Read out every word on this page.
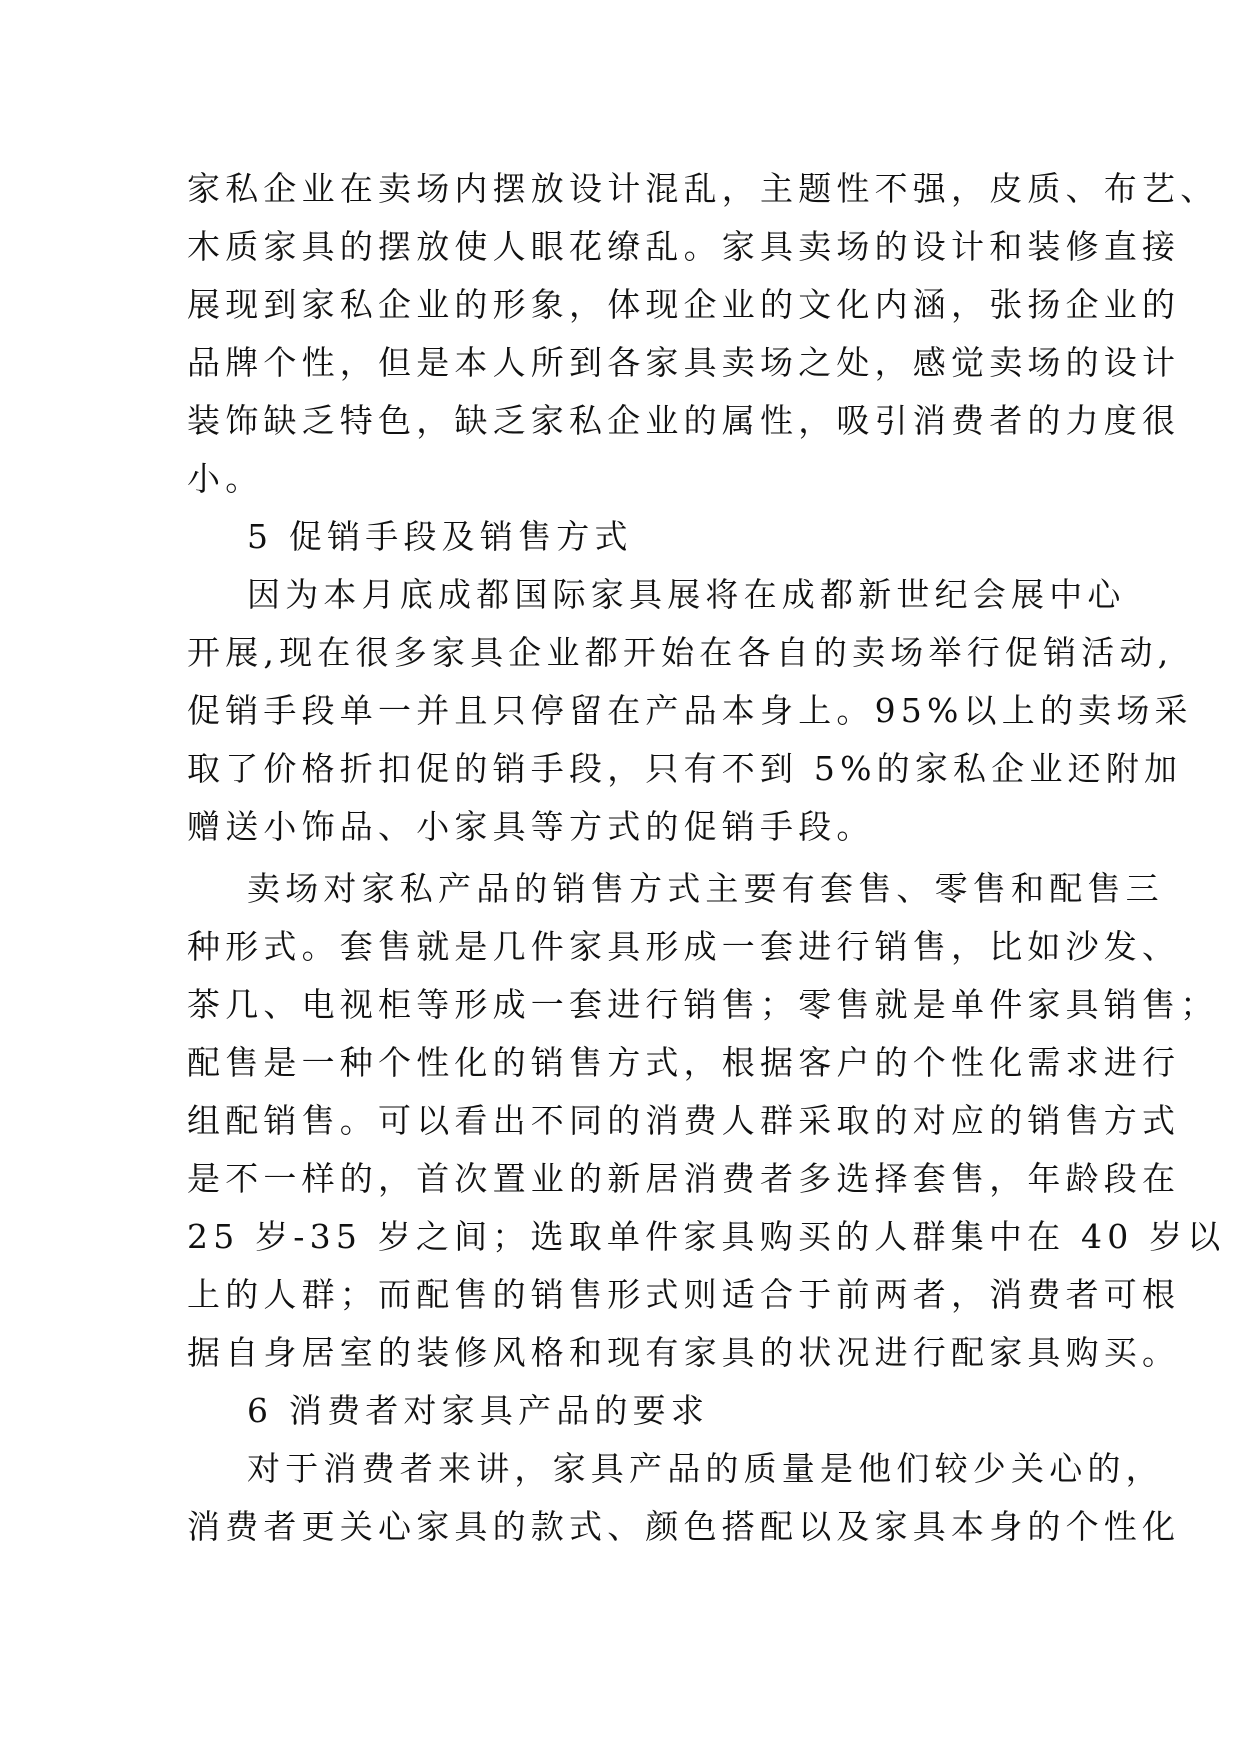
家私企业在卖场内摆放设计混乱，主题性不强，皮质、布艺、
木质家具的摆放使人眼花缭乱。家具卖场的设计和装修直接
展现到家私企业的形象，体现企业的文化内涵，张扬企业的
品牌个性，但是本人所到各家具卖场之处，感觉卖场的设计
装饰缺乏特色，缺乏家私企业的属性，吸引消费者的力度很
小。
5 促销手段及销售方式
因为本月底成都国际家具展将在成都新世纪会展中心
开展,现在很多家具企业都开始在各自的卖场举行促销活动,
促销手段单一并且只停留在产品本身上。95%以上的卖场采
取了价格折扣促的销手段，只有不到 5%的家私企业还附加
赠送小饰品、小家具等方式的促销手段。
卖场对家私产品的销售方式主要有套售、零售和配售三
种形式。套售就是几件家具形成一套进行销售，比如沙发、
茶几、电视柜等形成一套进行销售；零售就是单件家具销售；
配售是一种个性化的销售方式，根据客户的个性化需求进行
组配销售。可以看出不同的消费人群采取的对应的销售方式
是不一样的，首次置业的新居消费者多选择套售，年龄段在
25 岁-35 岁之间；选取单件家具购买的人群集中在 40 岁以
上的人群；而配售的销售形式则适合于前两者，消费者可根
据自身居室的装修风格和现有家具的状况进行配家具购买。
6 消费者对家具产品的要求
对于消费者来讲，家具产品的质量是他们较少关心的，
消费者更关心家具的款式、颜色搭配以及家具本身的个性化
